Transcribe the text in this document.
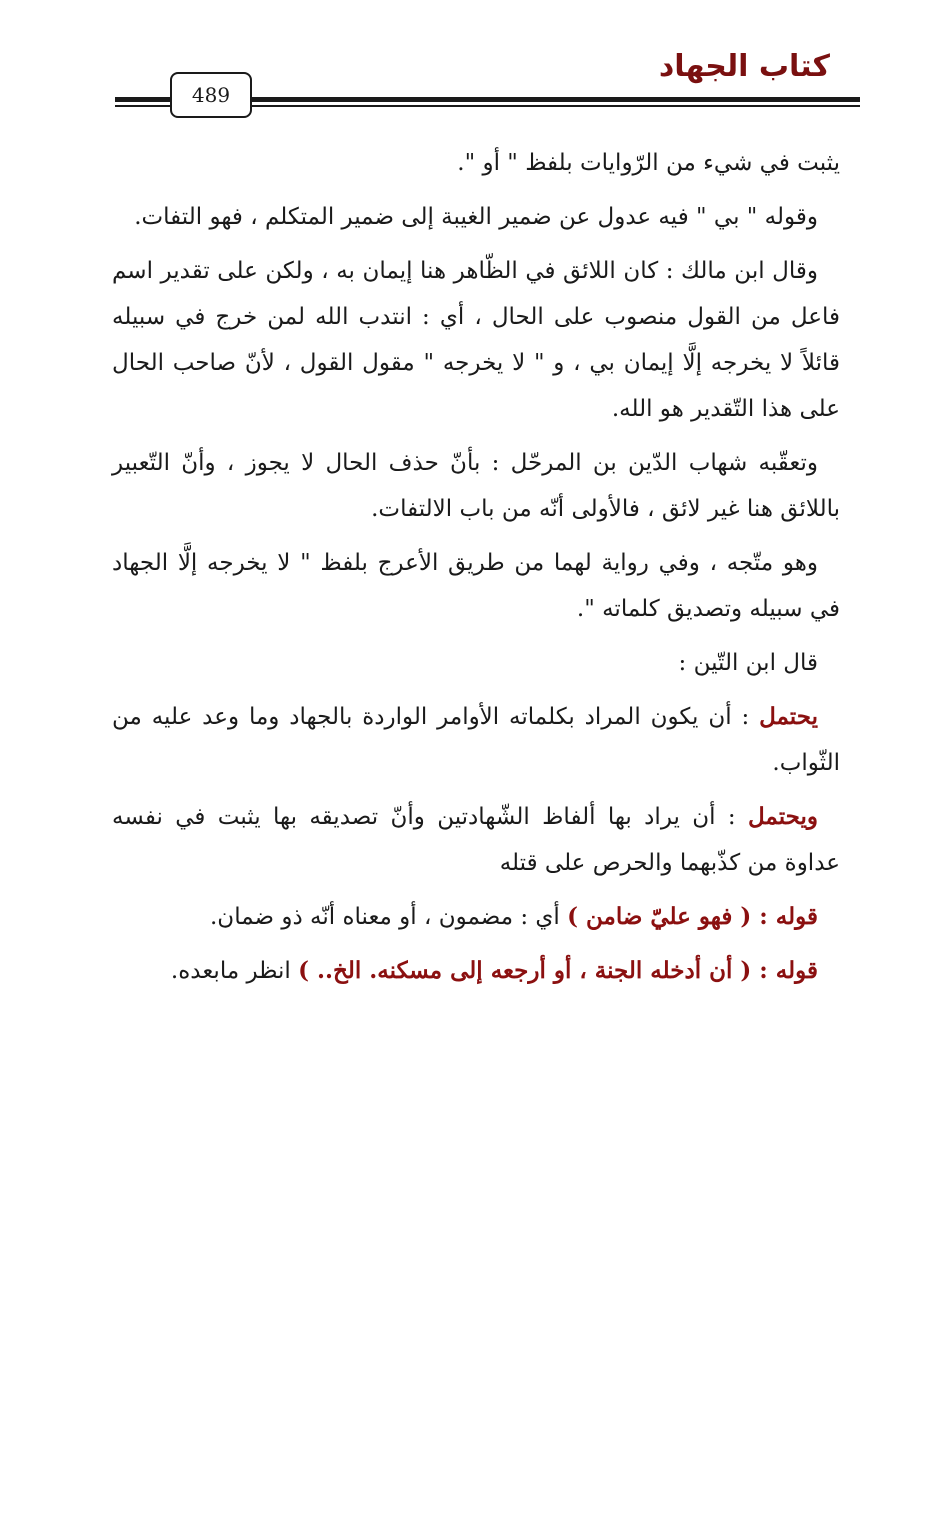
كتاب الجهاد
489

يثبت في شيء من الرّوايات بلفظ " أو ".

وقوله " بي " فيه عدول عن ضمير الغيبة إلى ضمير المتكلم ، فهو التفات.

وقال ابن مالك : كان اللائق في الظّاهر هنا إيمان به ، ولكن على تقدير اسم فاعل من القول منصوب على الحال ، أي : انتدب الله لمن خرج في سبيله قائلاً لا يخرجه إلَّا إيمان بي ، و " لا يخرجه " مقول القول ، لأنّ صاحب الحال على هذا التّقدير هو الله.

وتعقّبه شهاب الدّين بن المرحّل : بأنّ حذف الحال لا يجوز ، وأنّ التّعبير باللائق هنا غير لائق ، فالأولى أنّه من باب الالتفات.

وهو متّجه ، وفي رواية لهما من طريق الأعرج بلفظ " لا يخرجه إلَّا الجهاد في سبيله وتصديق كلماته ".

قال ابن التّين :

يحتمل : أن يكون المراد بكلماته الأوامر الواردة بالجهاد وما وعد عليه من الثّواب.

ويحتمل : أن يراد بها ألفاظ الشّهادتين وأنّ تصديقه بها يثبت في نفسه عداوة من كذّبهما والحرص على قتله

قوله : ( فهو عليّ ضامن ) أي : مضمون ، أو معناه أنّه ذو ضمان.

قوله : ( أن أدخله الجنة ، أو أرجعه إلى مسكنه. الخ.. ) انظر مابعده.
